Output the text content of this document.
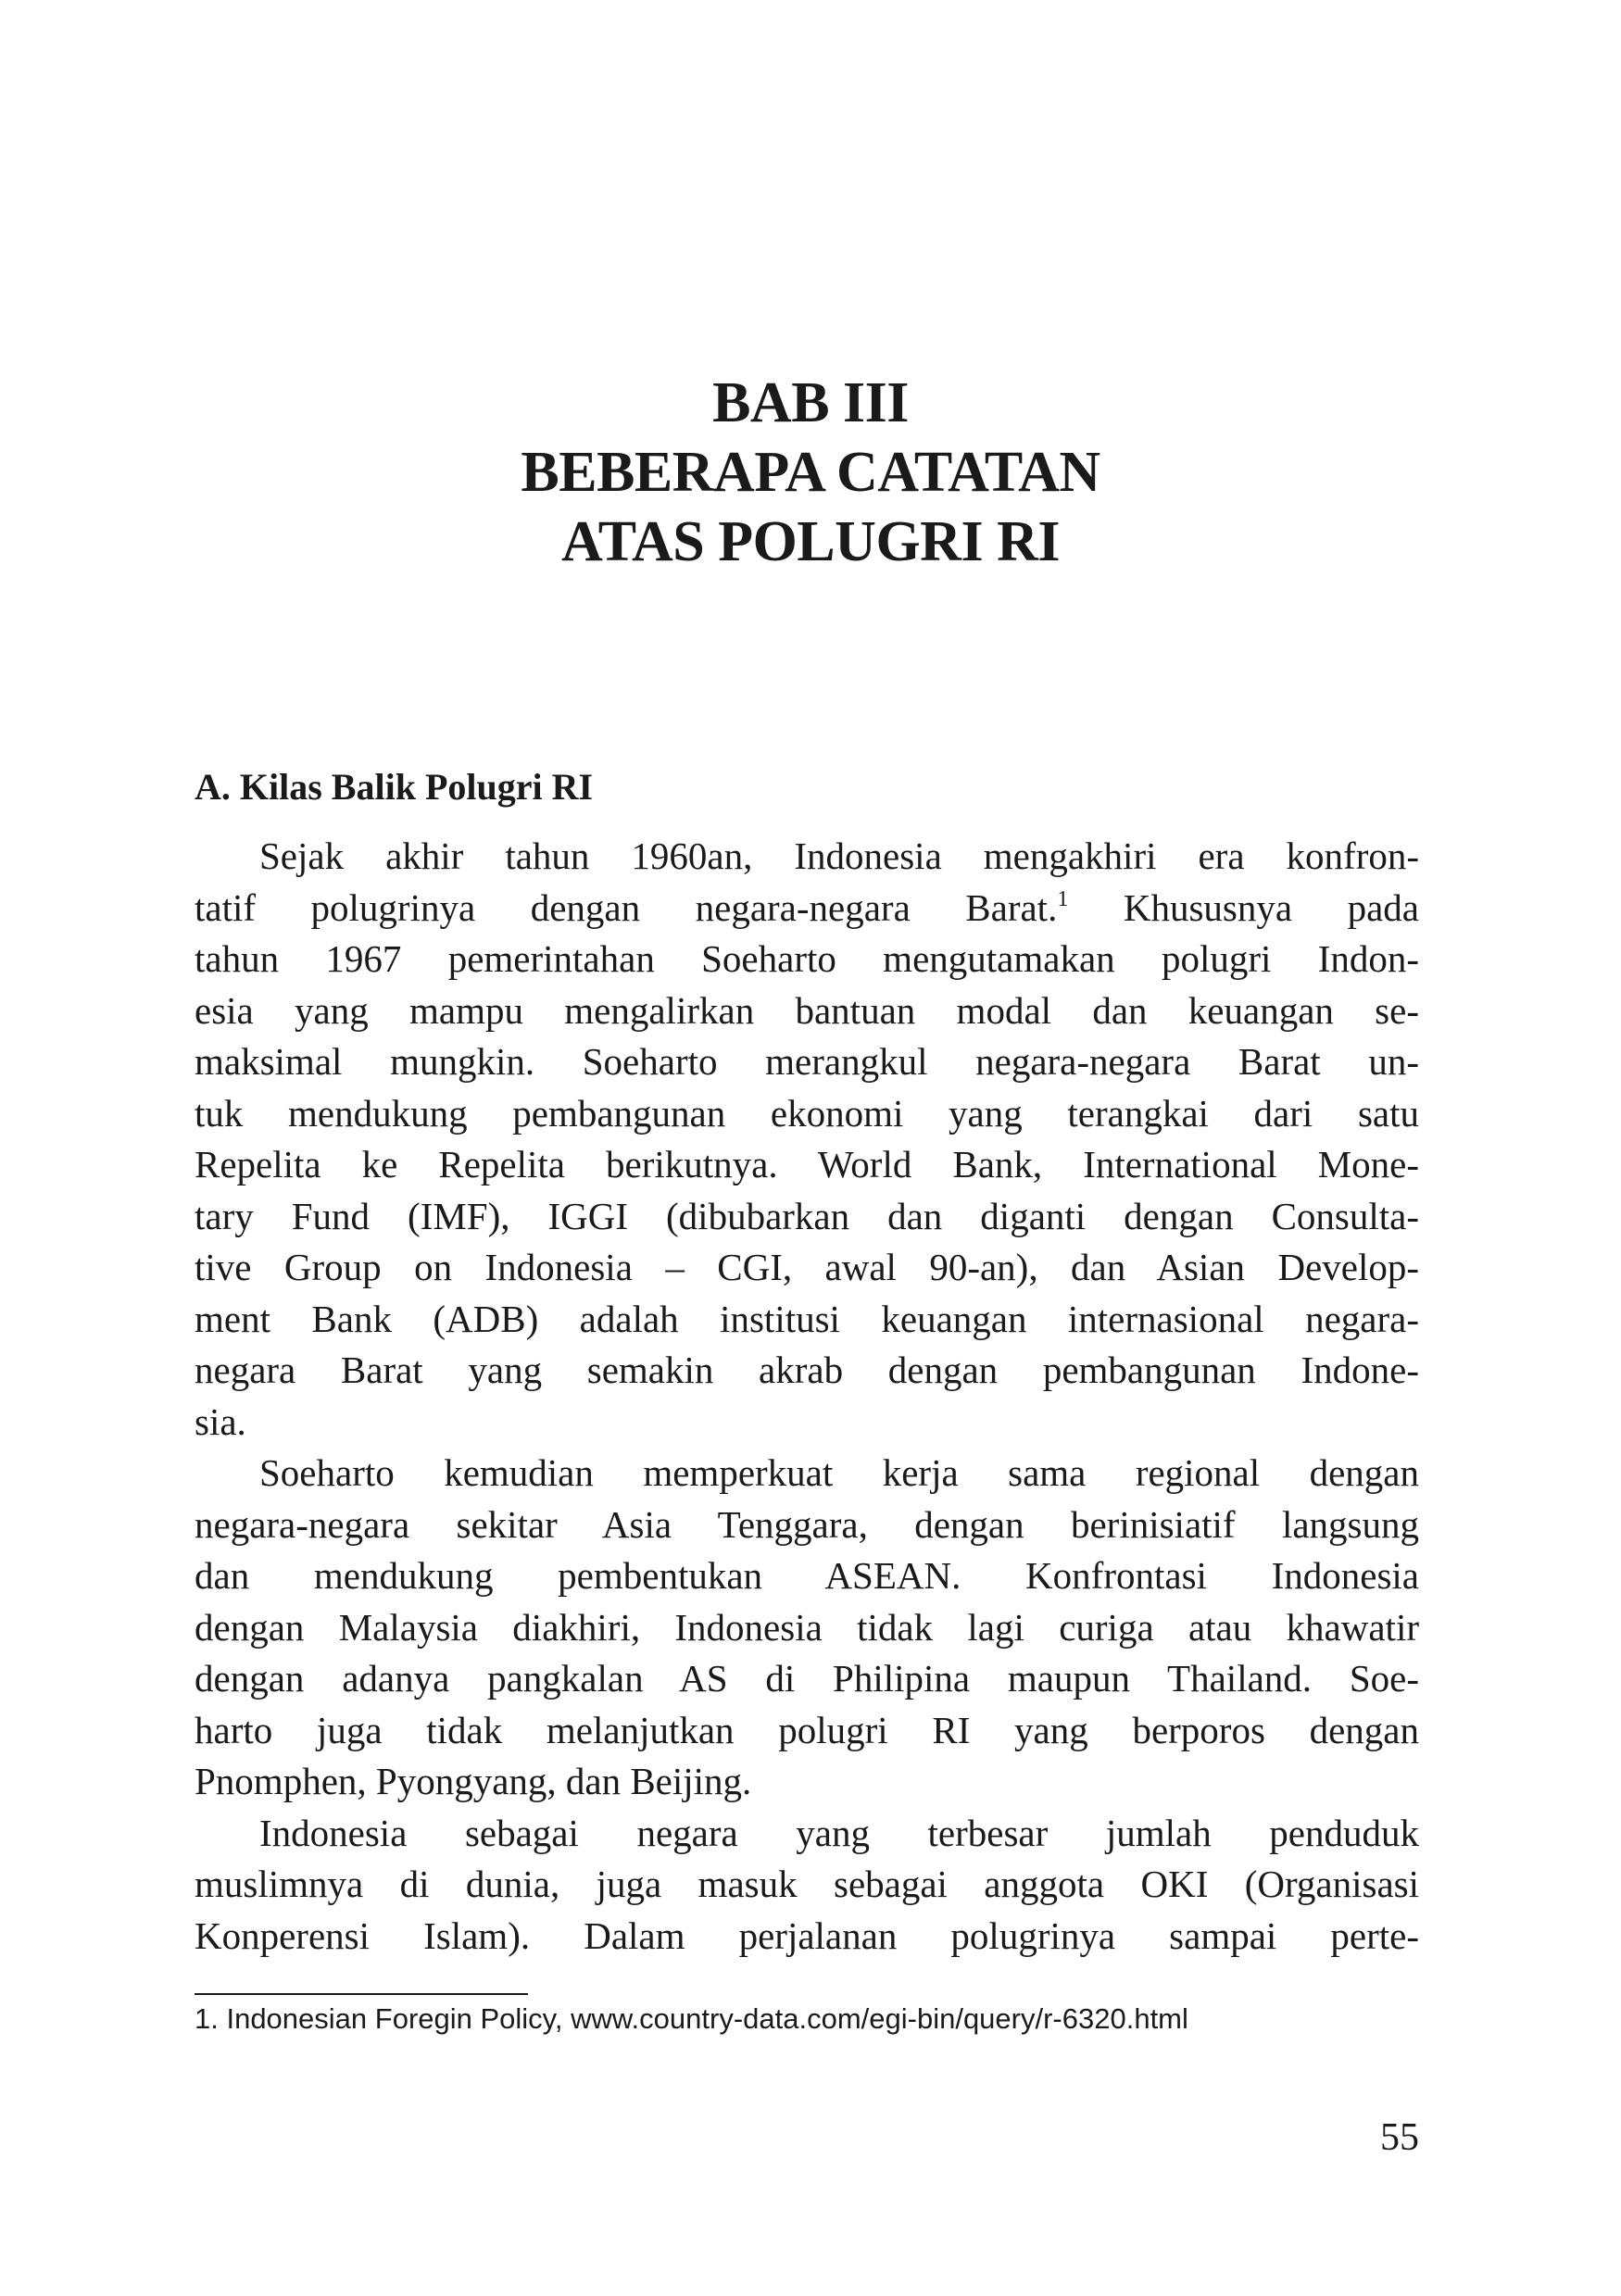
BAB III
BEBERAPA CATATAN
ATAS POLUGRI RI
A. Kilas Balik Polugri RI

Sejak akhir tahun 1960an, Indonesia mengakhiri era konfron-
tatif polugrinya dengan negara-negara Barat.$^1$ Khususnya pada
tahun 1967 pemerintahan Soeharto mengutamakan polugri Indon-
esia yang mampu mengalirkan bantuan modal dan keuangan se-
maksimal mungkin. Soeharto merangkul negara-negara Barat un-
tuk mendukung pembangunan ekonomi yang terangkai dari satu
Repelita ke Repelita berikutnya. World Bank, International Mone-
tary Fund (IMF), IGGI (dibubarkan dan diganti dengan Consulta-
tive Group on Indonesia – CGI, awal 90-an), dan Asian Develop-
ment Bank (ADB) adalah institusi keuangan internasional negara-
negara Barat yang semakin akrab dengan pembangunan Indone-
sia.

Soeharto kemudian memperkuat kerja sama regional dengan
negara-negara sekitar Asia Tenggara, dengan berinisiatif langsung
dan mendukung pembentukan ASEAN. Konfrontasi Indonesia
dengan Malaysia diakhiri, Indonesia tidak lagi curiga atau khawatir
dengan adanya pangkalan AS di Philipina maupun Thailand. Soe-
harto juga tidak melanjutkan polugri RI yang berporos dengan
Pnomphen, Pyongyang, dan Beijing.

Indonesia sebagai negara yang terbesar jumlah penduduk
muslimnya di dunia, juga masuk sebagai anggota OKI (Organisasi
Konperensi Islam). Dalam perjalanan polugrinya sampai perte-

1. Indonesian Foregin Policy, www.country-data.com/egi-bin/query/r-6320.html
55
